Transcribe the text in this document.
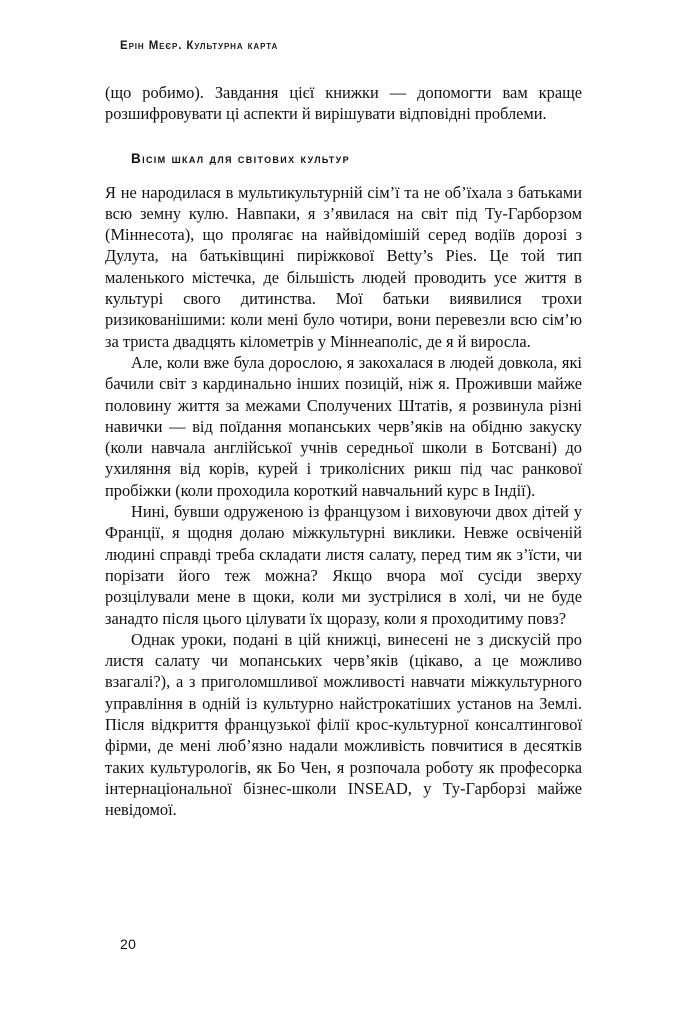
Ерін Меєр. Культурна карта

(що робимо). Завдання цієї книжки — допомогти вам краще розшифровувати ці аспекти й вирішувати відповідні проблеми.

Вісім шкал для світових культур

Я не народилася в мультикультурній сім’ї та не об’їхала з батьками всю земну кулю. Навпаки, я з’явилася на світ під Ту-Гарборзом (Міннесота), що пролягає на найвідомішій серед водіїв дорозі з Дулута, на батьківщині пиріжкової Betty’s Pies. Це той тип маленького містечка, де більшість людей проводить усе життя в культурі свого дитинства. Мої батьки виявилися трохи ризикованішими: коли мені було чотири, вони перевезли всю сім’ю за триста двадцять кілометрів у Міннеаполіс, де я й виросла.

Але, коли вже була дорослою, я закохалася в людей довкола, які бачили світ з кардинально інших позицій, ніж я. Проживши майже половину життя за межами Сполучених Штатів, я розвинула різні навички — від поїдання мопанських черв’яків на обідню закуску (коли навчала англійської учнів середньої школи в Ботсвані) до ухиляння від корів, курей і триколісних рикш під час ранкової пробіжки (коли проходила короткий навчальний курс в Індії).

Нині, бувши одруженою із французом і виховуючи двох дітей у Франції, я щодня долаю міжкультурні виклики. Невже освіченій людині справді треба складати листя салату, перед тим як з’їсти, чи порізати його теж можна? Якщо вчора мої сусіди зверху розцілували мене в щоки, коли ми зустрілися в холі, чи не буде занадто після цього цілувати їх щоразу, коли я проходитиму повз?

Однак уроки, подані в цій книжці, винесені не з дискусій про листя салату чи мопанських черв’яків (цікаво, а це можливо взагалі?), а з приголомшливої можливості навчати міжкультурного управління в одній із культурно найстрокатіших установ на Землі. Після відкриття французької філії крос-культурної консалтингової фірми, де мені люб’язно надали можливість повчитися в десятків таких культурологів, як Бо Чен, я розпочала роботу як професорка інтернаціональної бізнес-школи INSEAD, у Ту-Гарборзі майже невідомої.

20
